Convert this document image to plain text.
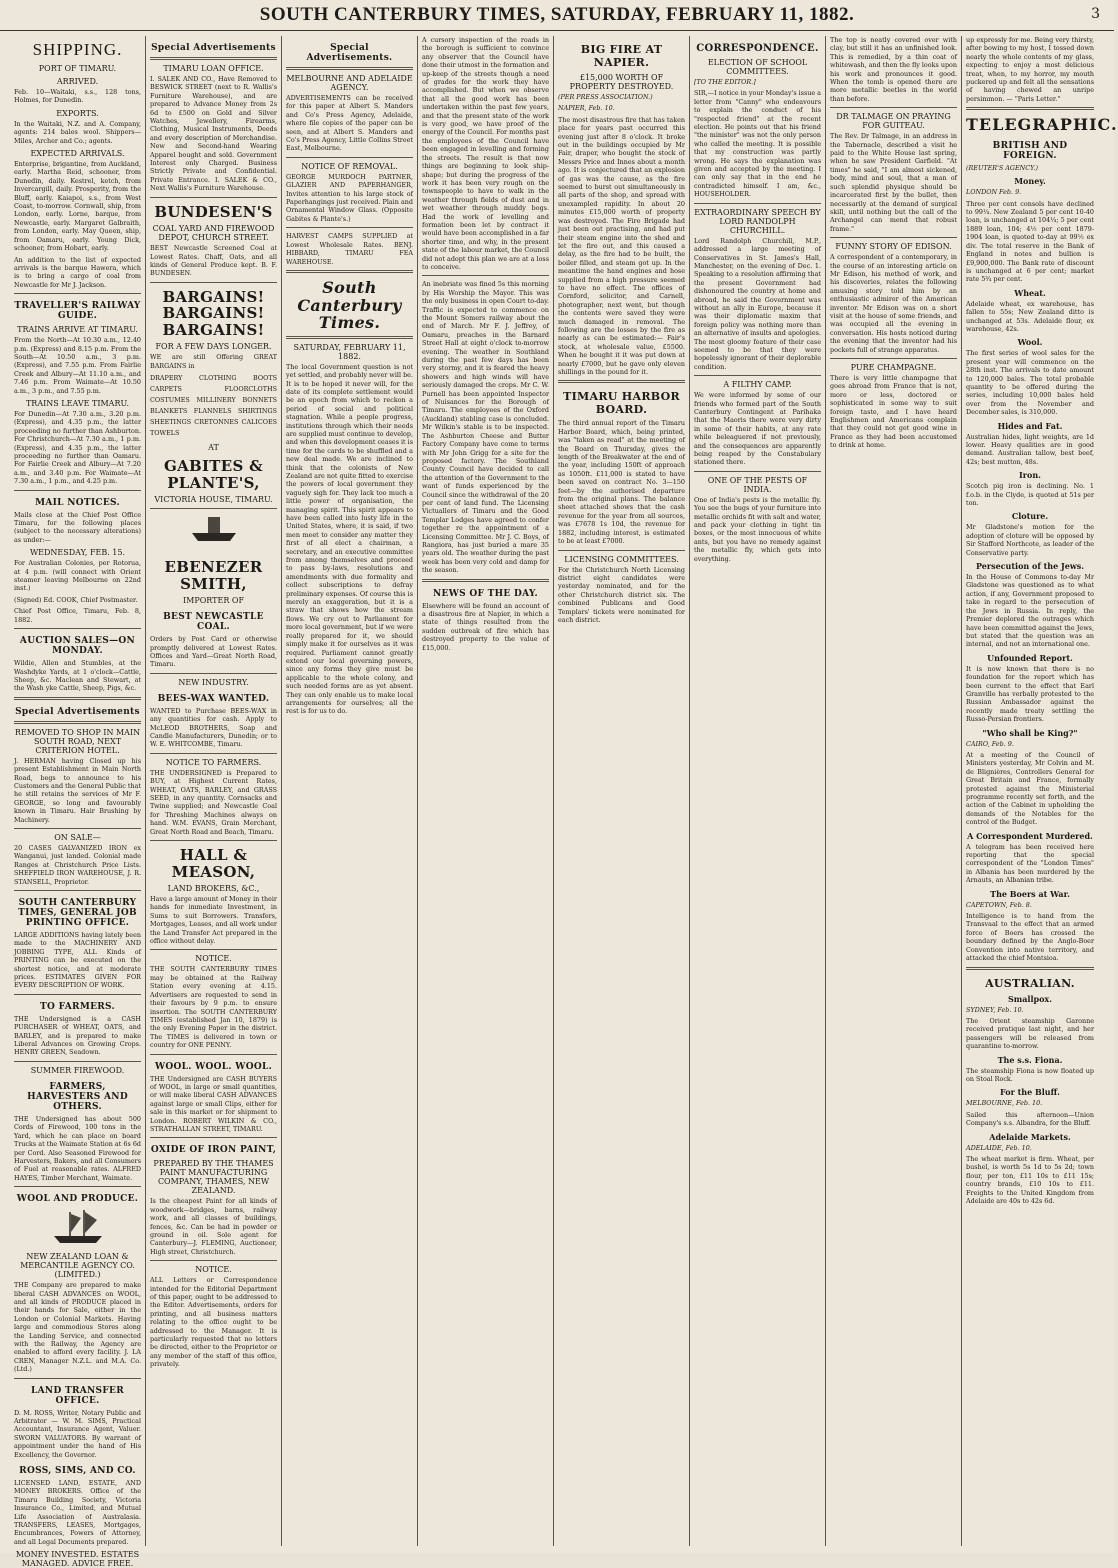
SOUTH CANTERBURY TIMES, SATURDAY, FEBRUARY 11, 1882.	3
SHIPPING.
PORT OF TIMARU.
ARRIVED.

Feb. 10—Waitaki, s.s., 128 tons, Holmes, for Dunedin.

EXPORTS.

In the Waitaki, N.Z. and A. Company, agents: 214 bales wool. Shippers—Miles, Archer and Co.; agents.

EXPECTED ARRIVALS.

Enterprise, brigantine, from Auckland, early. Martha Reid, schooner, from Dunedin, daily. Kestrel, ketch, from Invercargill, daily. Prosperity, from the Bluff, early. Kaiapoi, s.s., from West Coast, to-morrow. Cornwall, ship, from London, early. Lorne, barque, from Newcastle, early. Margaret Galbraith, from London, early. May Queen, ship, from Oamaru, early. Young Dick, schooner, from Hobart, early.

An addition to the list of expected arrivals is the barque Hawera, which is to bring a cargo of coal from Newcastle for Mr J. Jackson.

TRAVELLER'S RAILWAY GUIDE.
TRAINS ARRIVE AT TIMARU.

From the North—At 10.30 a.m., 12.40 p.m. (Express) and 8.15 p.m. From the South—At 10.50 a.m., 3 p.m. (Express), and 7.55 p.m. From Fairlie Creek and Albury—At 11.10 a.m., and 7.46 p.m. From Waimate—At 10.50 a.m., 3 p.m., and 7.55 p.m.

TRAINS LEAVE TIMARU.

For Dunedin—At 7.30 a.m., 3.20 p.m. (Express), and 4.35 p.m., the latter proceeding no further than Ashburton. For Christchurch—At 7.30 a.m., 1 p.m. (Express), and 4.35 p.m., the latter proceeding no further than Oamaru. For Fairlie Creek and Albury—At 7.20 a.m., and 3.40 p.m. For Waimate—At 7.30 a.m., 1 p.m., and 4.25 p.m.

MAIL NOTICES.

Mails close at the Chief Post Office Timaru, for the following places (subject to the necessary alterations) as under:—

WEDNESDAY, FEB. 15.

For Australian Colonies, per Rotorua, at 4 p.m. (will connect with Orient steamer leaving Melbourne on 22nd inst.)

(Signed) Ed. COOK, Chief Postmaster.

Chief Post Office, Timaru, Feb. 8, 1882.

AUCTION SALES—ON MONDAY.

Wildie, Allen and Stumbles, at the Washdyke Yards, at 1 o'clock—Cattle, Sheep, &c. Maclean and Stewart, at the Wash yke Cattle, Sheep, Pigs, &c.

Special Advertisements
REMOVED TO SHOP IN MAIN SOUTH ROAD, NEXT CRITERION HOTEL.

J. HERMAN having Closed up his present Establishment in Main North Road, begs to announce to his Customers and the General Public that he still retains the services of Mr F. GEORGE, so long and favourably known in Timaru. Hair Brushing by Machinery.

ON SALE—

20 CASES GALVANIZED IRON ex Wanganui, just landed. Colonial made Ranges at Christchurch Price Lists. SHEFFIELD IRON WAREHOUSE, J. R. STANSELL, Proprietor.

SOUTH CANTERBURY TIMES, GENERAL JOB PRINTING OFFICE.

LARGE ADDITIONS having lately been made to the MACHINERY AND JOBBING TYPE, ALL Kinds of PRINTING can be executed on the shortest notice, and at moderate prices. ESTIMATES GIVEN FOR EVERY DESCRIPTION OF WORK.

TO FARMERS.

THE Undersigned is a CASH PURCHASER of WHEAT, OATS, and BARLEY, and is prepared to make Liberal Advances on Growing Crops. HENRY GREEN, Seadown.

SUMMER FIREWOOD.
FARMERS, HARVESTERS AND OTHERS.

THE Undersigned has about 500 Cords of Firewood, 100 tons in the Yard, which he can place on board Trucks at the Waimate Station at 6s 6d per Cord. Also Seasoned Firewood for Harvesters, Bakers, and all Consumers of Fuel at reasonable rates. ALFRED HAYES, Timber Merchant, Waimate.

WOOL AND PRODUCE.
NEW ZEALAND LOAN & MERCANTILE AGENCY CO. (LIMITED.)

THE Company are prepared to make liberal CASH ADVANCES on WOOL, and all kinds of PRODUCE placed in their hands for Sale, either in the London or Colonial Markets. Having large and commodious Stores along the Landing Service, and connected with the Railway, the Agency are enabled to afford every facility. J. LA CREN, Manager N.Z.L. and M.A. Co. (Ltd.)

LAND TRANSFER OFFICE.

D. M. ROSS, Writer, Notary Public and Arbitrator — W. M. SIMS, Practical Accountant, Insurance Agent, Valuer. SWORN VALUATORS. By warrant of appointment under the hand of His Excellency, the Governor.

ROSS, SIMS, AND CO.

LICENSED LAND, ESTATE, AND MONEY BROKERS. Office of the Timaru Building Society, Victoria Insurance Co., Limited, and Mutual Life Association of Australasia. TRANSFERS, LEASES, Mortgages, Encumbrances, Powers of Attorney, and all Legal Documents prepared.

MONEY INVESTED. ESTATES MANAGED. ADVICE FREE.
Special Advertisements
TIMARU LOAN OFFICE.

I. SALEK AND CO., Have Removed to BESWICK STREET (next to R. Wallis's Furniture Warehouse), and are prepared to Advance Money from 2s 6d to £500 on Gold and Silver Watches, Jewellery, Firearms, Clothing, Musical Instruments, Deeds and every description of Merchandise. New and Second-hand Wearing Apparel bought and sold. Government Interest only Charged. Business Strictly Private and Confidential. Private Entrance. I. SALEK & CO., Next Wallis's Furniture Warehouse.

BUNDESEN'S
COAL YARD AND FIREWOOD DEPOT, CHURCH STREET.

BEST Newcastle Screened Coal at Lowest Rates. Chaff, Oats, and all kinds of General Produce kept. B. F. BUNDESEN.

BARGAINS! BARGAINS! BARGAINS!
FOR A FEW DAYS LONGER.

WE are still Offering GREAT BARGAINS in

DRAPERY CLOTHING BOOTS CARPETS FLOORCLOTHS COSTUMES MILLINERY BONNETS BLANKETS FLANNELS SHIRTINGS SHEETINGS CRETONNES CALICOES TOWELS

AT
GABITES & PLANTE'S,
VICTORIA HOUSE, TIMARU.
EBENEZER SMITH,
IMPORTER OF
BEST NEWCASTLE COAL.

Orders by Post Card or otherwise promptly delivered at Lowest Rates. Offices and Yard—Great North Road, Timaru.

NEW INDUSTRY.
BEES-WAX WANTED.

WANTED to Purchase BEES-WAX in any quantities for cash. Apply to McLEOD BROTHERS, Soap and Candle Manufacturers, Dunedin; or to W. E. WHITCOMBE, Timaru.

NOTICE TO FARMERS.

THE UNDERSIGNED is Prepared to BUY, at Highest Current Rates, WHEAT, OATS, BARLEY, and GRASS SEED, in any quantity. Cornsacks and Twine supplied; and Newcastle Coal for Threshing Machines always on hand. W.M. EVANS, Grain Merchant, Great North Road and Beach, Timaru.

HALL & MEASON,
LAND BROKERS, &C.,

Have a large amount of Money in their hands for immediate Investment, in Sums to suit Borrowers. Transfers, Mortgages, Leases, and all work under the Land Transfer Act prepared in the office without delay.

NOTICE.

THE SOUTH CANTERBURY TIMES may be obtained at the Railway Station every evening at 4.15. Advertisers are requested to send in their favours by 9 p.m. to ensure insertion. The SOUTH CANTERBURY TIMES (established Jan 10, 1879) is the only Evening Paper in the district. The TIMES is delivered in town or country for ONE PENNY.

WOOL. WOOL. WOOL.

THE Undersigned are CASH BUYERS of WOOL, in large or small quantities, or will make liberal CASH ADVANCES against large or small Clips, either for sale in this market or for shipment to London. ROBERT WILKIN & CO., STRATHALLAN STREET, TIMARU.

OXIDE OF IRON PAINT,
PREPARED BY THE THAMES PAINT MANUFACTURING COMPANY, THAMES, NEW ZEALAND.

Is the cheapest Paint for all kinds of woodwork—bridges, barns, railway work, and all classes of buildings, fences, &c. Can be had in powder or ground in oil. Sole agent for Canterbury—J. FLEMING, Auctioneer, High street, Christchurch.

NOTICE.

ALL Letters or Correspondence intended for the Editorial Department of this paper, ought to be addressed to the Editor. Advertisements, orders for printing, and all business matters relating to the office ought to be addressed to the Manager. It is particularly requested that no letters be directed, either to the Proprietor or any member of the staff of this office, privately.

Special Advertisements.
MELBOURNE AND ADELAIDE AGENCY.

ADVERTISEMENTS can be received for this paper at Albert S. Manders and Co's Press Agency, Adelaide, where file copies of the paper can be seen, and at Albert S. Manders and Co's Press Agency, Little Collins Street East, Melbourne.

NOTICE OF REMOVAL.

GEORGE MURDOCH PARTNER, GLAZIER AND PAPERHANGER, Invites attention to his large stock of Paperhangings just received. Plain and Ornamental Window Glass. (Opposite Gabites & Plante's.)

HARVEST CAMPS SUPPLIED at Lowest Wholesale Rates. BENJ. HIBBARD, TIMARU FEA WAREHOUSE.

South Canterbury Times.
SATURDAY, FEBRUARY 11, 1882.

The local Government question is not yet settled, and probably never will be. It is to be hoped it never will, for the date of its complete settlement would be an epoch from which to reckon a period of social and political stagnation. While a people progress, institutions through which their needs are supplied must continue to develop, and when this development ceases it is time for the cards to be shuffled and a new deal made. We are inclined to think that the colonists of New Zealand are not quite fitted to exercise the powers of local government they vaguely sigh for. They lack too much a little power of organisation, the managing spirit. This spirit appears to have been called into lusty life in the United States, where, it is said, if two men meet to consider any matter they first of all elect a chairman, a secretary, and an executive committee from among themselves and proceed to pass by-laws, resolutions and amendments with due formality and collect subscriptions to defray preliminary expenses. Of course this is merely an exaggeration, but it is a straw that shows how the stream flows. We cry out to Parliament for more local government, but if we were really prepared for it, we should simply make it for ourselves as it was required. Parliament cannot greatly extend our local governing powers, since any forms they give must be applicable to the whole colony, and such needed forms are as yet absent. They can only enable us to make local arrangements for ourselves; all the rest is for us to do.

A cursory inspection of the roads in the borough is sufficient to convince any observer that the Council have done their utmost in the formation and up-keep of the streets though a need of grades for the work they have accomplished. But when we observe that all the good work has been undertaken within the past few years, and that the present state of the work is very good, we have proof of the energy of the Council. For months past the employees of the Council have been engaged in levelling and forming the streets. The result is that now things are beginning to look ship-shape; but during the progress of the work it has been very rough on the townspeople to have to walk in the weather through fields of dust and in wet weather through muddy bogs. Had the work of levelling and formation been let by contract it would have been accomplished in a far shorter time, and why, in the present state of the labour market, the Council did not adopt this plan we are at a loss to conceive.

An inebriate was fined 5s this morning by His Worship the Mayor. This was the only business in open Court to-day. Traffic is expected to commence on the Mount Somers railway about the end of March. Mr F. J. Jeffrey, of Oamaru, preaches in the Barnard Street Hall at eight o'clock to-morrow evening. The weather in Southland during the past few days has been very stormy, and it is feared the heavy showers and high winds will have seriously damaged the crops. Mr C. W. Purnell has been appointed Inspector of Nuisances for the Borough of Timaru. The employees of the Oxford (Auckland) stabling case is concluded. Mr Wilkin's stable is to be inspected. The Ashburton Cheese and Butter Factory Company have come to terms with Mr John Grigg for a site for the proposed factory. The Southland County Council have decided to call the attention of the Government to the want of funds experienced by the Council since the withdrawal of the 20 per cent of land fund. The Licensing Victuallers of Timaru and the Good Templar Lodges have agreed to confer together re the appointment of a Licensing Committee. Mr J. C. Boys, of Rangiora, has just buried a mare 35 years old. The weather during the past week has been very cold and damp for the season.

NEWS OF THE DAY.

Elsewhere will be found an account of a disastrous fire at Napier, in which a state of things resulted from the sudden outbreak of fire which has destroyed property to the value of £15,000.

BIG FIRE AT NAPIER.
£15,000 WORTH OF PROPERTY DESTROYED.

(PER PRESS ASSOCIATION.)

NAPIER, Feb. 10.

The most disastrous fire that has taken place for years past occurred this evening just after 8 o'clock. It broke out in the buildings occupied by Mr Fair, draper, who bought the stock of Messrs Price and Innes about a month ago. It is conjectured that an explosion of gas was the cause, as the fire seemed to burst out simultaneously in all parts of the shop, and spread with unexampled rapidity. In about 20 minutes £15,000 worth of property was destroyed. The Fire Brigade had just been out practising, and had put their steam engine into the shed and let the fire out, and this caused a delay, as the fire had to be built, the boiler filled, and steam got up. In the meantime the hand engines and hose supplied from a high pressure seemed to have no effect. The offices of Cornford, solicitor, and Carnell, photographer, next went, but though the contents were saved they were much damaged in removal. The following are the losses by the fire as nearly as can be estimated:— Fair's stock, at wholesale value, £5500. When he bought it it was put down at nearly £7000, but he gave only eleven shillings in the pound for it.

TIMARU HARBOR BOARD.

The third annual report of the Timaru Harbor Board, which, being printed, was "taken as read" at the meeting of the Board on Thursday, gives the length of the Breakwater at the end of the year, including 150ft of approach as 1050ft. £11,000 is stated to have been saved on contract No. 3—150 feet—by the authorised departure from the original plans. The balance sheet attached shows that the cash revenue for the year from all sources, was £7678 1s 10d, the revenue for 1882, including interest, is estimated to be at least £7000.

LICENSING COMMITTEES.

For the Christchurch North Licensing district eight candidates were yesterday nominated, and for the other Christchurch district six. The combined Publicans and Good Templars' tickets were nominated for each district.

CORRESPONDENCE.
ELECTION OF SCHOOL COMMITTEES.

[TO THE EDITOR.]

SIR,—I notice in your Monday's issue a letter from "Canny" who endeavours to explain the conduct of his "respected friend" at the recent election. He points out that his friend "the minister" was not the only person who called the meeting. It is possible that my construction was partly wrong. He says the explanation was given and accepted by the meeting. I can only say that in the end he contradicted himself. I am, &c., HOUSEHOLDER.

EXTRAORDINARY SPEECH BY LORD RANDOLPH CHURCHILL.

Lord Randolph Churchill, M.P., addressed a large meeting of Conservatives in St. James's Hall, Manchester, on the evening of Dec. 1. Speaking to a resolution affirming that the present Government had dishonoured the country at home and abroad, he said the Government was without an ally in Europe, because it was their diplomatic maxim that foreign policy was nothing more than an alternative of insults and apologies. The most gloomy feature of their case seemed to be that they were hopelessly ignorant of their deplorable condition.

A FILTHY CAMP.

We were informed by some of our friends who formed part of the South Canterbury Contingent at Parihaka that the Maoris there were very dirty in some of their habits, at any rate while beleaguered if not previously, and the consequences are apparently being reaped by the Constabulary stationed there.

ONE OF THE PESTS OF INDIA.

One of India's pests is the metallic fly. You see the bugs of your furniture into metallic orchids fit with salt and water, and pack your clothing in tight tin boxes, or the most innocuous of white ants, but you have no remedy against the metallic fly, which gets into everything.

The top is neatly covered over with clay, but still it has an unfinished look. This is remedied, by a thin coat of whitewash, and then the fly looks upon his work and pronounces it good. When the tomb is opened there are more metallic beetles in the world than before.

DR TALMAGE ON PRAYING FOR GUITEAU.

The Rev. Dr Talmage, in an address in the Tabernacle, described a visit he paid to the White House last spring, when he saw President Garfield. "At times" he said, "I am almost sickened, body, mind and soul, that a man of such splendid physique should be incarcerated first by the bullet, then necessarily at the demand of surgical skill, until nothing but the call of the Archangel can mend that robust frame."

FUNNY STORY OF EDISON.

A correspondent of a contemporary, in the course of an interesting article on Mr Edison, his method of work, and his discoveries, relates the following amusing story told him by an enthusiastic admirer of the American inventor. Mr Edison was on a short visit at the house of some friends, and was occupied all the evening in conversation. His hosts noticed during the evening that the inventor had his pockets full of strange apparatus.

PURE CHAMPAGNE.

There is very little champagne that goes abroad from France that is not, more or less, doctored or sophisticated in some way to suit foreign taste, and I have heard Englishmen and Americans complain that they could not get good wine in France as they had been accustomed to drink at home.

up expressly for me. Being very thirsty, after bowing to my host, I tossed down nearly the whole contents of my glass, expecting to enjoy a most delicious treat, when, to my horror, my mouth puckered up and felt all the sensations of having chewed an unripe persimmon. — "Paris Letter."

TELEGRAPHIC.
BRITISH AND FOREIGN.

(REUTER'S AGENCY.)

Money.

LONDON Feb. 9.

Three per cent consols have declined to 99¼. New Zealand 5 per cent 10-40 loan, is unchanged at 104¼; 5 per cent 1889 loan, 104; 4½ per cent 1879-1904 loan, is quoted to-day at 99½ ex div. The total reserve in the Bank of England in notes and bullion is £9,900,000. The Bank rate of discount is unchanged at 6 per cent; market rate 5¾ per cent.

Wheat.

Adelaide wheat, ex warehouse, has fallen to 55s; New Zealand ditto is unchanged at 53s. Adelaide flour, ex warehouse, 42s.

Wool.

The first series of wool sales for the present year will commence on the 28th inst. The arrivals to date amount to 120,000 bales. The total probable quantity to be offered during the series, including 10,000 bales held over from the November and December sales, is 310,000.

Hides and Fat.

Australian hides, light weights, are 1d lower. Heavy qualities are in good demand. Australian tallow, best beef, 42s; best mutton, 48s.

Iron.

Scotch pig iron is declining. No. 1 f.o.b. in the Clyde, is quoted at 51s per ton.

Cloture.

Mr Gladstone's motion for the adoption of cloture will be opposed by Sir Stafford Northcote, as leader of the Conservative party.

Persecution of the Jews.

In the House of Commons to-day Mr Gladstone was questioned as to what action, if any, Government proposed to take in regard to the persecution of the Jews in Russia. In reply, the Premier deplored the outrages which have been committed against the Jews, but stated that the question was an internal, and not an international one.

Unfounded Report.

It is now known that there is no foundation for the report which has been current to the effect that Earl Granville has verbally protested to the Russian Ambassador against the recently made treaty settling the Russo-Persian frontiers.

"Who shall be King?"

CAIRO, Feb. 9.

At a meeting of the Council of Ministers yesterday, Mr Colvin and M. de Blignières, Controllers General for Great Britain and France, formally protested against the Ministerial programme recently set forth, and the action of the Cabinet in upholding the demands of the Notables for the control of the Budget.

A Correspondent Murdered.

A telegram has been received here reporting that the special correspondent of the "London Times" in Albania has been murdered by the Arnauts, an Albanian tribe.

The Boers at War.

CAPETOWN, Feb. 8.

Intelligence is to hand from the Transvaal to the effect that an armed force of Boers has crossed the boundary defined by the Anglo-Boer Convention into native territory, and attacked the chief Montsioa.

AUSTRALIAN.
Smallpox.

SYDNEY, Feb. 10.

The Orient steamship Garonne received pratique last night, and her passengers will be released from quarantine to-morrow.

The s.s. Fiona.

The steamship Fiona is now floated up on Stoal Rock.

For the Bluff.

MELBOURNE, Feb. 10.

Sailed this afternoon—Union Company's s.s. Albandra, for the Bluff.

Adelaide Markets.

ADELAIDE, Feb. 10.

The wheat market is firm. Wheat, per bushel, is worth 5s 1d to 5s 2d; town flour, per ton, £11 10s to £11 15s; country brands, £10 10s to £11. Freights to the United Kingdom from Adelaide are 40s to 42s 6d.
